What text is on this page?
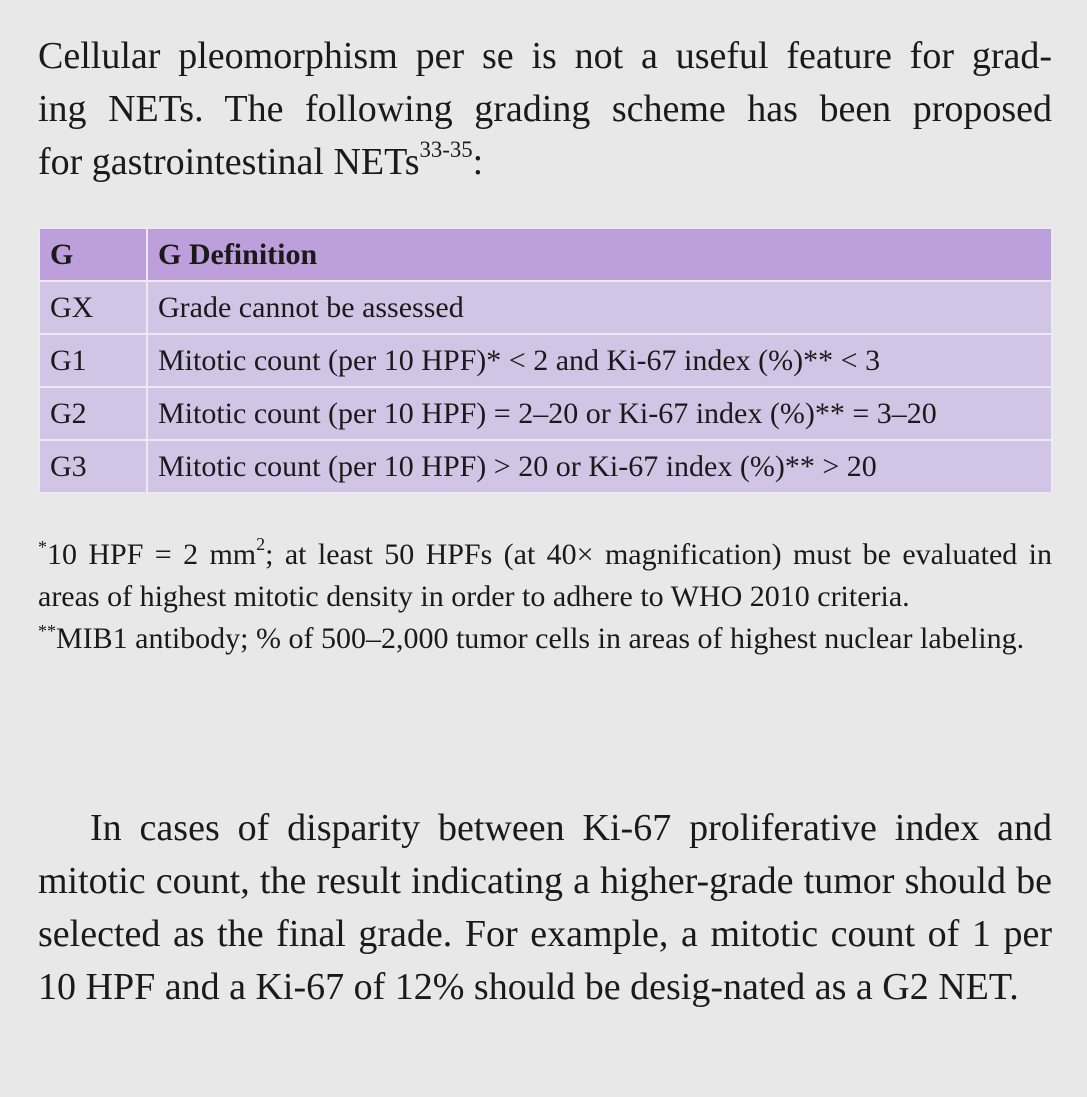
Cellular pleomorphism per se is not a useful feature for grad-
ing NETs. The following grading scheme has been proposed
for gastrointestinal NETs$^{33-35}$:

G	G Definition
GX	Grade cannot be assessed
G1	Mitotic count (per 10 HPF)* < 2 and Ki-67 index (%)** < 3
G2	Mitotic count (per 10 HPF) = 2–20 or Ki-67 index (%)** = 3–20
G3	Mitotic count (per 10 HPF) > 20 or Ki-67 index (%)** > 20

*10 HPF = 2 $mm^2$; at least 50 HPFs (at 40× magnification) must be evaluated in areas of highest mitotic density in order to adhere to WHO 2010 criteria.

**MIB1 antibody; % of 500–2,000 tumor cells in areas of highest nuclear labeling.

In cases of disparity between Ki-67 proliferative index and mitotic count, the result indicating a higher-grade tumor should be selected as the final grade. For example, a mitotic count of 1 per 10 HPF and a Ki-67 of 12% should be desig-nated as a G2 NET.
